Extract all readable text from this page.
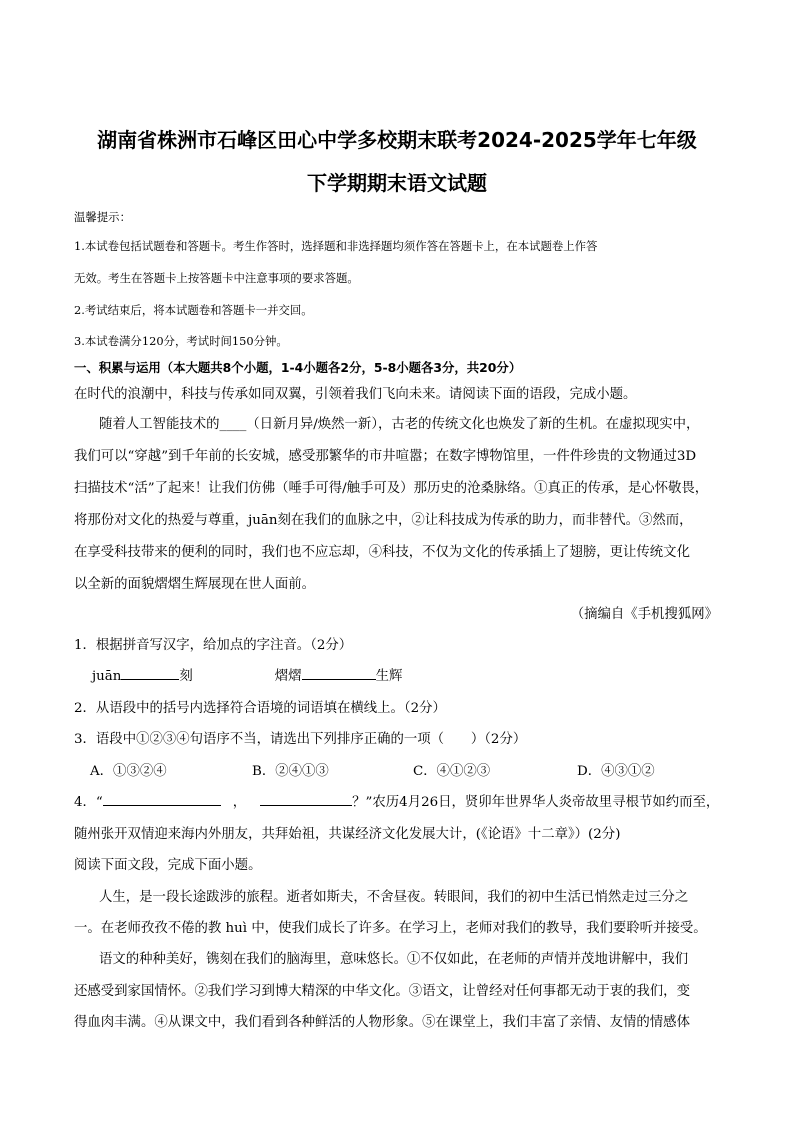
湖南省株洲市石峰区田心中学多校期末联考2024-2025学年七年级
下学期期末语文试题
温馨提示：
1.本试卷包括试题卷和答题卡。考生作答时，选择题和非选择题均须作答在答题卡上，在本试题卷上作答
无效。考生在答题卡上按答题卡中注意事项的要求答题。
2.考试结束后，将本试题卷和答题卡一并交回。
3.本试卷满分120分，考试时间150分钟。
一、积累与运用（本大题共8个小题，1-4小题各2分，5-8小题各3分，共20分）
在时代的浪潮中，科技与传承如同双翼，引领着我们飞向未来。请阅读下面的语段，完成小题。
随着人工智能技术的____（日新月异/焕然一新），古老的传统文化也焕发了新的生机。在虚拟现实中，
我们可以“穿越”到千年前的长安城，感受那繁华的市井喧嚣；在数字博物馆里，一件件珍贵的文物通过3D
扫描技术“活”了起来！让我们仿佛（唾手可得/触手可及）那历史的沧桑脉络。①真正的传承，是心怀敬畏，
将那份对文化的热爱与尊重，juān刻在我们的血脉之中，②让科技成为传承的助力，而非替代。③然而，
在享受科技带来的便利的同时，我们也不应忘却，④科技，不仅为文化的传承插上了翅膀，更让传统文化
以全新的面貌熠熠生辉展现在世人面前。
（摘编自《手机搜狐网》
1．根据拼音写汉字，给加点的字注音。（2分）
juān	刻	熠熠	生辉
2．从语段中的括号内选择符合语境的词语填在横线上。（2分）
3．语段中①②③④句语序不当，请选出下列排序正确的一项（　　）（2分）
A．①③②④	B．②④①③	C．④①②③	D．④③①②
4．“	，	？”农历4月26日，贤卯年世界华人炎帝故里寻根节如约而至，
随州张开双情迎来海内外朋友，共拜始祖，共谋经济文化发展大计，(《论语》十二章》）(2分)
阅读下面文段，完成下面小题。
人生，是一段长途跋涉的旅程。逝者如斯夫，不舍昼夜。转眼间，我们的初中生活已悄然走过三分之
一。在老师孜孜不倦的教 huì 中，使我们成长了许多。在学习上，老师对我们的教导，我们要聆听并接受。
语文的种种美好，镌刻在我们的脑海里，意味悠长。①不仅如此，在老师的声情并茂地讲解中，我们
还感受到家国情怀。②我们学习到博大精深的中华文化。③语文，让曾经对任何事都无动于衷的我们，变
得血肉丰满。④从课文中，我们看到各种鲜活的人物形象。⑤在课堂上，我们丰富了亲情、友情的情感体
